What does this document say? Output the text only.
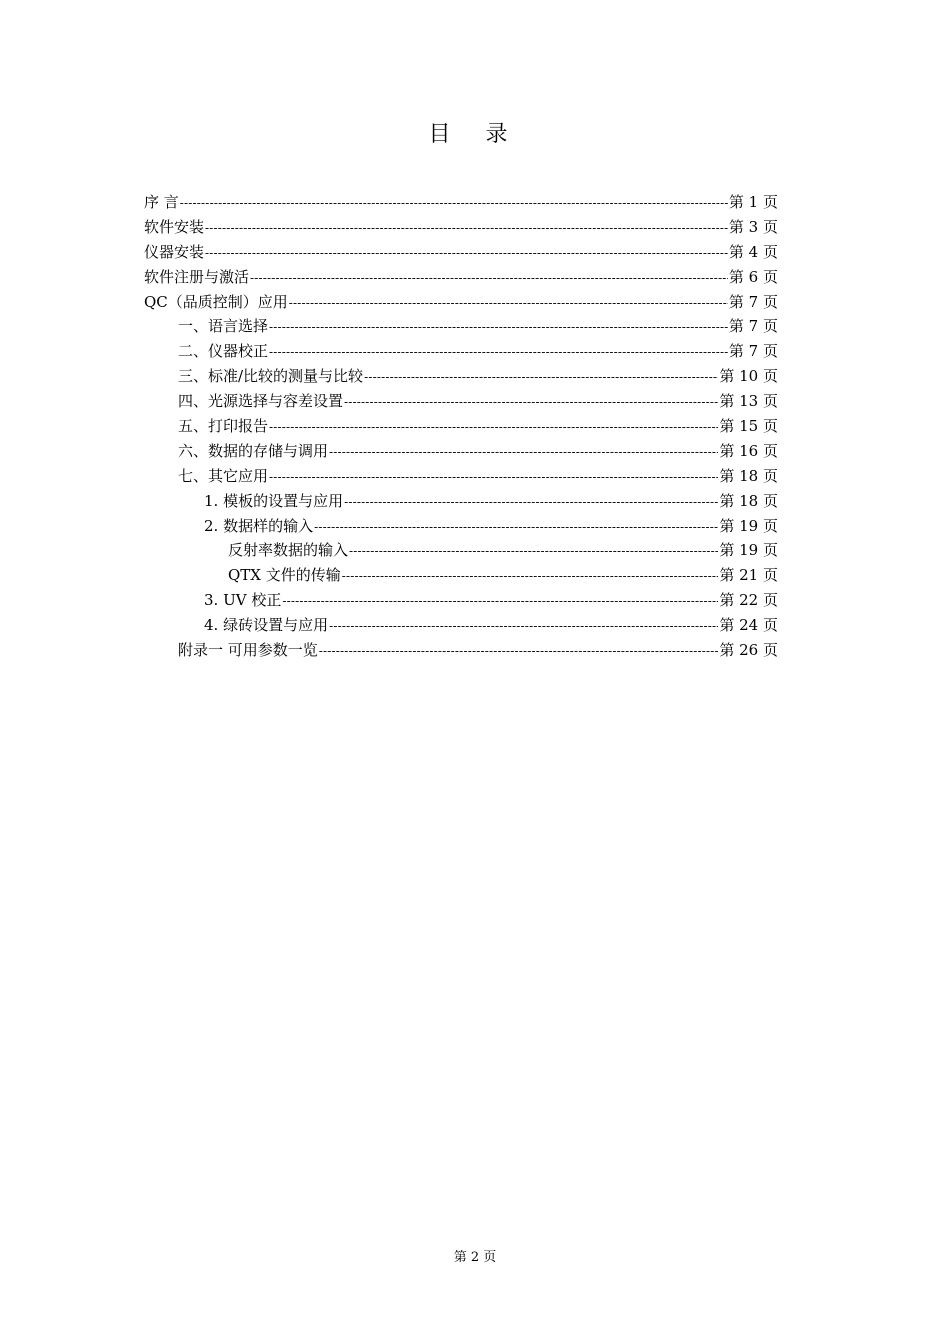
目 录
序 言 -----	第 1 页
软件安装 -----	第 3 页
仪器安装 -----	第 4 页
软件注册与激活 -----	第 6 页
QC（品质控制）应用 -----	第 7 页
一、语言选择 -----	第 7 页
二、仪器校正 -----	第 7 页
三、标准/比较的测量与比较 -----	第 10 页
四、光源选择与容差设置 -----	第 13 页
五、打印报告 -----	第 15 页
六、数据的存储与调用 -----	第 16 页
七、其它应用 -----	第 18 页
1. 模板的设置与应用 -----	第 18 页
2. 数据样的输入 -----	第 19 页
反射率数据的输入 -----	第 19 页
QTX 文件的传输 -----	第 21 页
3. UV 校正 -----	第 22 页
4. 绿砖设置与应用 -----	第 24 页
附录一 可用参数一览 -----	第 26 页
第 2 页
